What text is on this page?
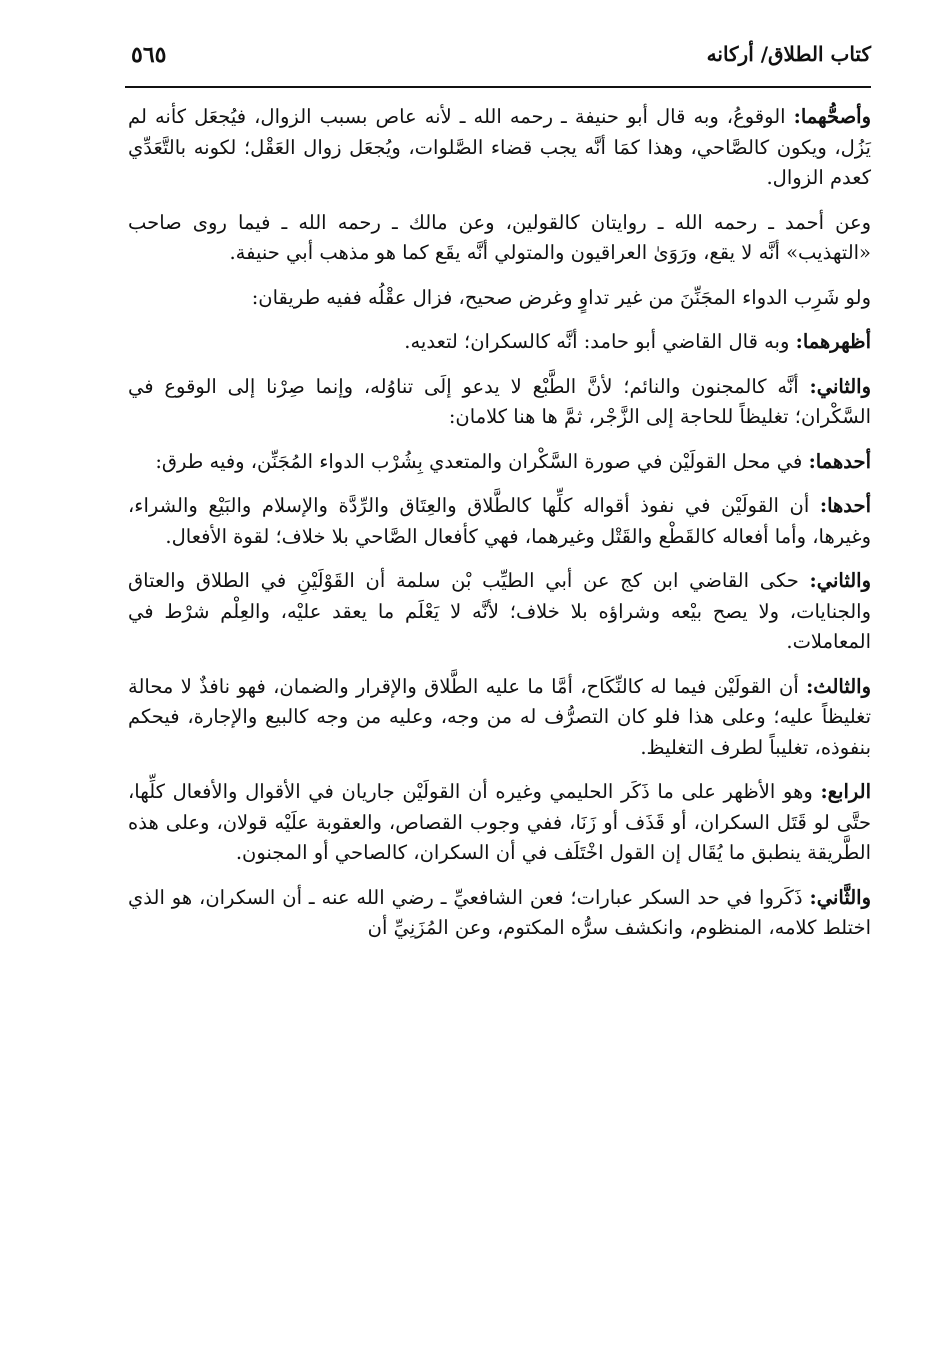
كتاب الطلاق/ أركانه
٥٦٥

وأصحُّهما: الوقوعُ، وبه قال أبو حنيفة ـ رحمه الله ـ لأنه عاص بسبب الزوال، فيُجعَل كأنه لم يَزُل، ويكون كالصَّاحي، وهذا كمَا أنَّه يجب قضاء الصَّلوات، ويُجعَل زوال العَقْل؛ لكونه بالتَّعَدِّي كعدم الزوال.

وعن أحمد ـ رحمه الله ـ روايتان كالقولين، وعن مالك ـ رحمه الله ـ فيما روى صاحب «التهذيب» أنَّه لا يقع، ورَوَىٰ العراقيون والمتولي أنَّه يقَع كما هو مذهب أبي حنيفة.

ولو شَرِب الدواء المجَنِّنَ من غير تداوٍ وغرض صحيح، فزال عقْلُه ففيه طريقان:

أظهرهما: وبه قال القاضي أبو حامد: أنَّه كالسكران؛ لتعديه.

والثاني: أنَّه كالمجنون والنائم؛ لأنَّ الطَّبْع لا يدعو إلَى تناوُله، وإنما صِرْنا إلى الوقوع في السَّكْران؛ تغليظاً للحاجة إلى الزَّجْر، ثمَّ ها هنا كلامان:

أحدهما: في محل القولَيْن في صورة السَّكْران والمتعدي بِشُرْب الدواء المُجَنِّن، وفيه طرق:

أحدها: أن القولَيْن في نفوذ أقواله كلِّها كالطَّلاق والعِتَاق والرِّدَّة والإسلام والبَيْع والشراء، وغيرها، وأما أفعاله كالقَطْع والقَتْل وغيرهما، فهي كأفعال الصَّاحي بلا خلاف؛ لقوة الأفعال.

والثاني: حكى القاضي ابن كج عن أبي الطيِّب بْن سلمة أن القَوْلَيْنِ في الطلاق والعتاق والجنايات، ولا يصح بيْعه وشراؤه بلا خلاف؛ لأنَّه لا يَعْلَم ما يعقد عليْه، والعِلْم شرْط في المعاملات.

والثالث: أن القولَيْن فيما له كالنِّكَاح، أمَّا ما عليه الطَّلاق والإقرار والضمان، فهو نافذٌ لا محالة تغليظاً عليه؛ وعلى هذا فلو كان التصرُّف له من وجه، وعليه من وجه كالبيع والإجارة، فيحكم بنفوذه، تغليباً لطرف التغليظ.

الرابع: وهو الأظهر على ما ذَكَر الحليمي وغيره أن القولَيْن جاريان في الأقوال والأفعال كلِّها، حتَّى لو قَتَل السكران، أو قَذَف أو زَنَا، ففي وجوب القصاص، والعقوبة علَيْه قولان، وعلى هذه الطَّريقة ينطبق ما يُقَال إن القول اخْتَلَف في أن السكران، كالصاحي أو المجنون.

والثَّاني: ذَكَروا في حد السكر عبارات؛ فعن الشافعيِّ ـ رضي الله عنه ـ أن السكران، هو الذي اختلط كلامه، المنظوم، وانكشف سرُّه المكتوم، وعن المُزَنِيِّ أن
